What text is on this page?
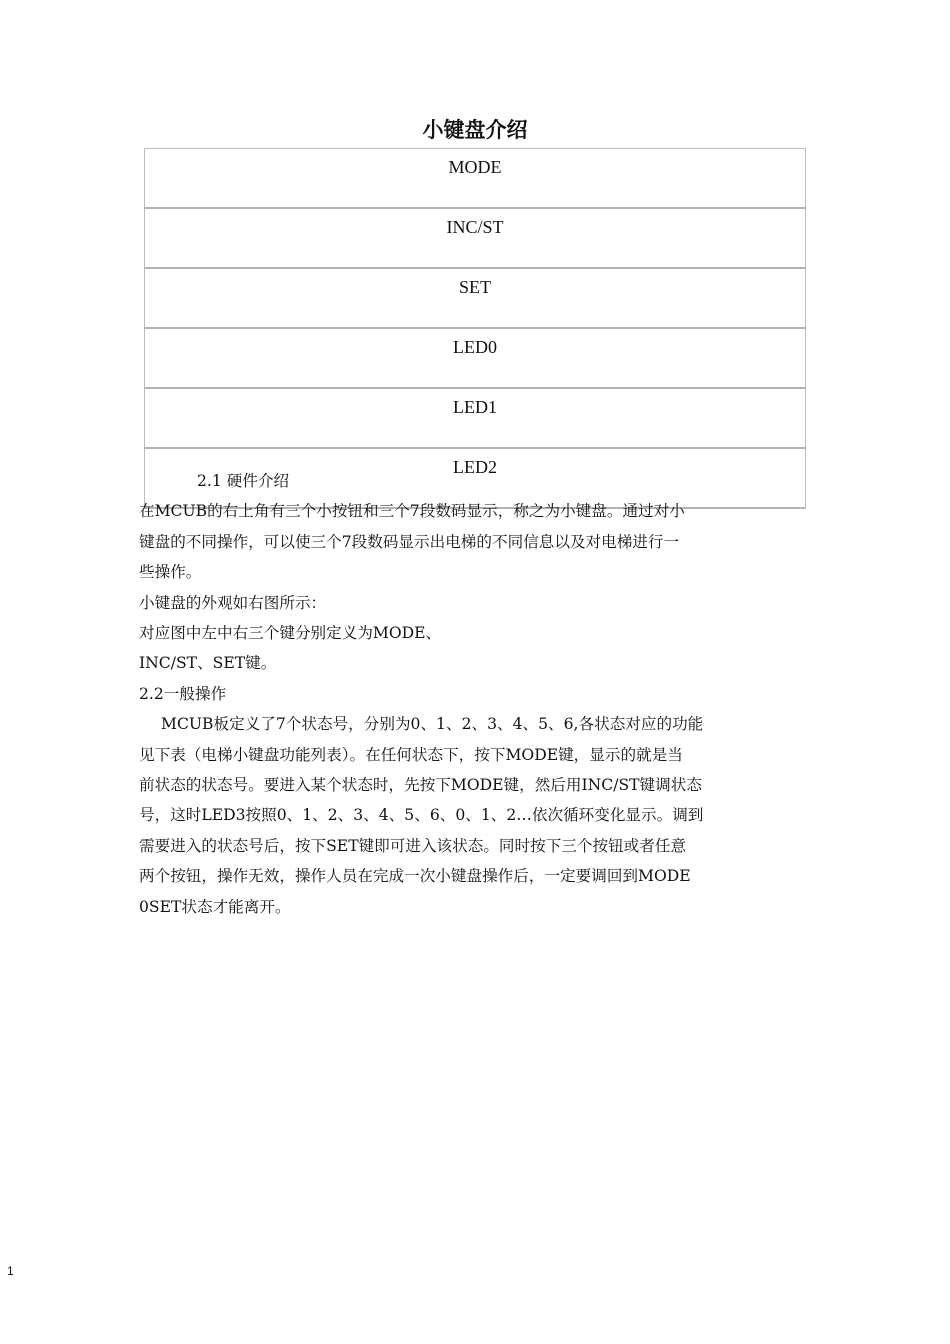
小键盘介绍
MODE
INC/ST
SET
LED0
LED1
LED2

2.1 硬件介绍

在MCUB的右上角有三个小按钮和三个7段数码显示，称之为小键盘。通过对小

键盘的不同操作，可以使三个7段数码显示出电梯的不同信息以及对电梯进行一

些操作。

小键盘的外观如右图所示：

对应图中左中右三个键分别定义为MODE、

INC/ST、SET键。

2.2一般操作

MCUB板定义了7个状态号，分别为0、1、2、3、4、5、6,各状态对应的功能

见下表（电梯小键盘功能列表）。在任何状态下，按下MODE键，显示的就是当

前状态的状态号。要进入某个状态时，先按下MODE键，然后用INC/ST键调状态

号，这时LED3按照0、1、2、3、4、5、6、0、1、2…依次循环变化显示。调到

需要进入的状态号后，按下SET键即可进入该状态。同时按下三个按钮或者任意

两个按钮，操作无效，操作人员在完成一次小键盘操作后，一定要调回到MODE

0SET状态才能离开。

1
